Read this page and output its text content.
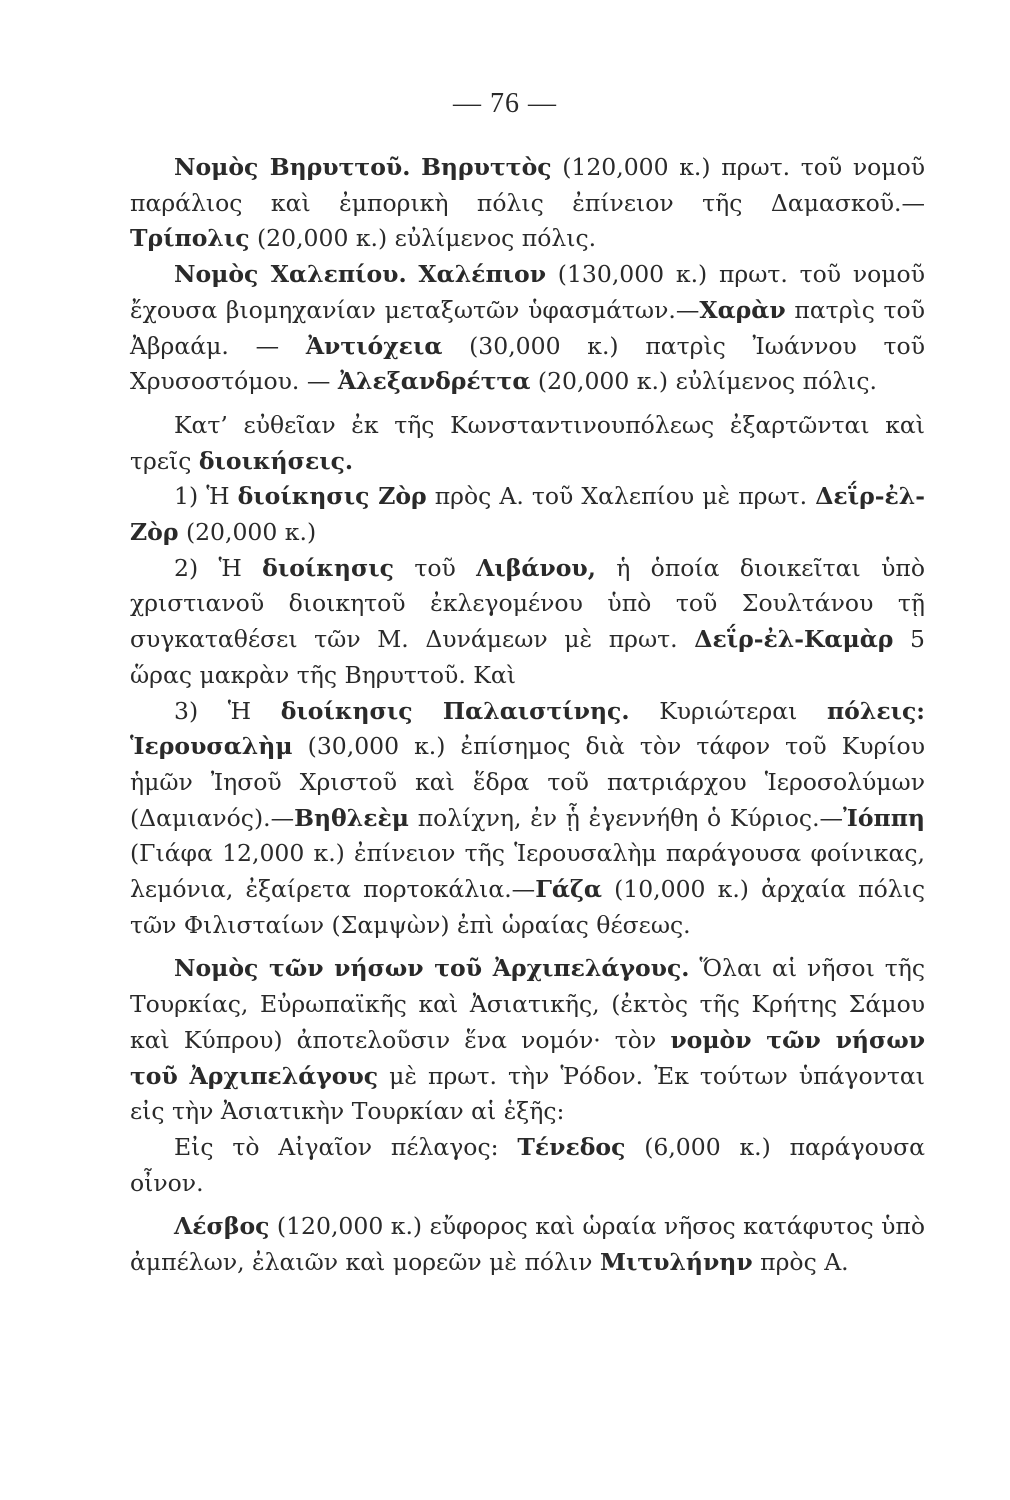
— 76 —

Νομὸς Βηρυττοῦ. Βηρυττὸς (120,000 κ.) πρωτ. τοῦ νομοῦ παράλιος καὶ ἐμπορικὴ πόλις ἐπίνειον τῆς Δαμασκοῦ.— Τρίπολις (20,000 κ.) εὐλίμενος πόλις.

Νομὸς Χαλεπίου. Χαλέπιον (130,000 κ.) πρωτ. τοῦ νομοῦ ἔχουσα βιομηχανίαν μεταξωτῶν ὑφασμάτων.—Χαρὰν πατρὶς τοῦ Ἀβραάμ. — Ἀντιόχεια (30,000 κ.) πατρὶς Ἰωάννου τοῦ Χρυσοστόμου. — Ἀλεξανδρέττα (20,000 κ.) εὐλίμενος πόλις.

Κατ’ εὐθεῖαν ἐκ τῆς Κωνσταντινουπόλεως ἐξαρτῶνται καὶ τρεῖς διοικήσεις.

1) Ἡ διοίκησις Ζὸρ πρὸς Α. τοῦ Χαλεπίου μὲ πρωτ. Δεΐρ-ἐλ-Ζὸρ (20,000 κ.)

2) Ἡ διοίκησις τοῦ Λιβάνου, ἡ ὁποία διοικεῖται ὑπὸ χριστιανοῦ διοικητοῦ ἐκλεγομένου ὑπὸ τοῦ Σουλτάνου τῇ συγκαταθέσει τῶν Μ. Δυνάμεων μὲ πρωτ. Δεΐρ-ἐλ-Καμὰρ 5 ὥρας μακρὰν τῆς Βηρυττοῦ. Καὶ

3) Ἡ διοίκησις Παλαιστίνης. Κυριώτεραι πόλεις: Ἱερουσαλὴμ (30,000 κ.) ἐπίσημος διὰ τὸν τάφον τοῦ Κυρίου ἡμῶν Ἰησοῦ Χριστοῦ καὶ ἕδρα τοῦ πατριάρχου Ἱεροσολύμων (Δαμιανός).—Βηθλεὲμ πολίχνη, ἐν ᾗ ἐγεννήθη ὁ Κύριος.—Ἰόππη (Γιάφα 12,000 κ.) ἐπίνειον τῆς Ἱερουσαλὴμ παράγουσα φοίνικας, λεμόνια, ἐξαίρετα πορτοκάλια.—Γάζα (10,000 κ.) ἀρχαία πόλις τῶν Φιλισταίων (Σαμψὼν) ἐπὶ ὡραίας θέσεως.

Νομὸς τῶν νήσων τοῦ Ἀρχιπελάγους. Ὅλαι αἱ νῆσοι τῆς Τουρκίας, Εὐρωπαϊκῆς καὶ Ἀσιατικῆς, (ἐκτὸς τῆς Κρήτης Σάμου καὶ Κύπρου) ἀποτελοῦσιν ἕνα νομόν· τὸν νομὸν τῶν νήσων τοῦ Ἀρχιπελάγους μὲ πρωτ. τὴν Ῥόδον. Ἐκ τούτων ὑπάγονται εἰς τὴν Ἀσιατικὴν Τουρκίαν αἱ ἑξῆς:

Εἰς τὸ Αἰγαῖον πέλαγος: Τένεδος (6,000 κ.) παράγουσα οἶνον.

Λέσβος (120,000 κ.) εὔφορος καὶ ὡραία νῆσος κατάφυτος ὑπὸ ἀμπέλων, ἐλαιῶν καὶ μορεῶν μὲ πόλιν Μιτυλήνην πρὸς Α.
